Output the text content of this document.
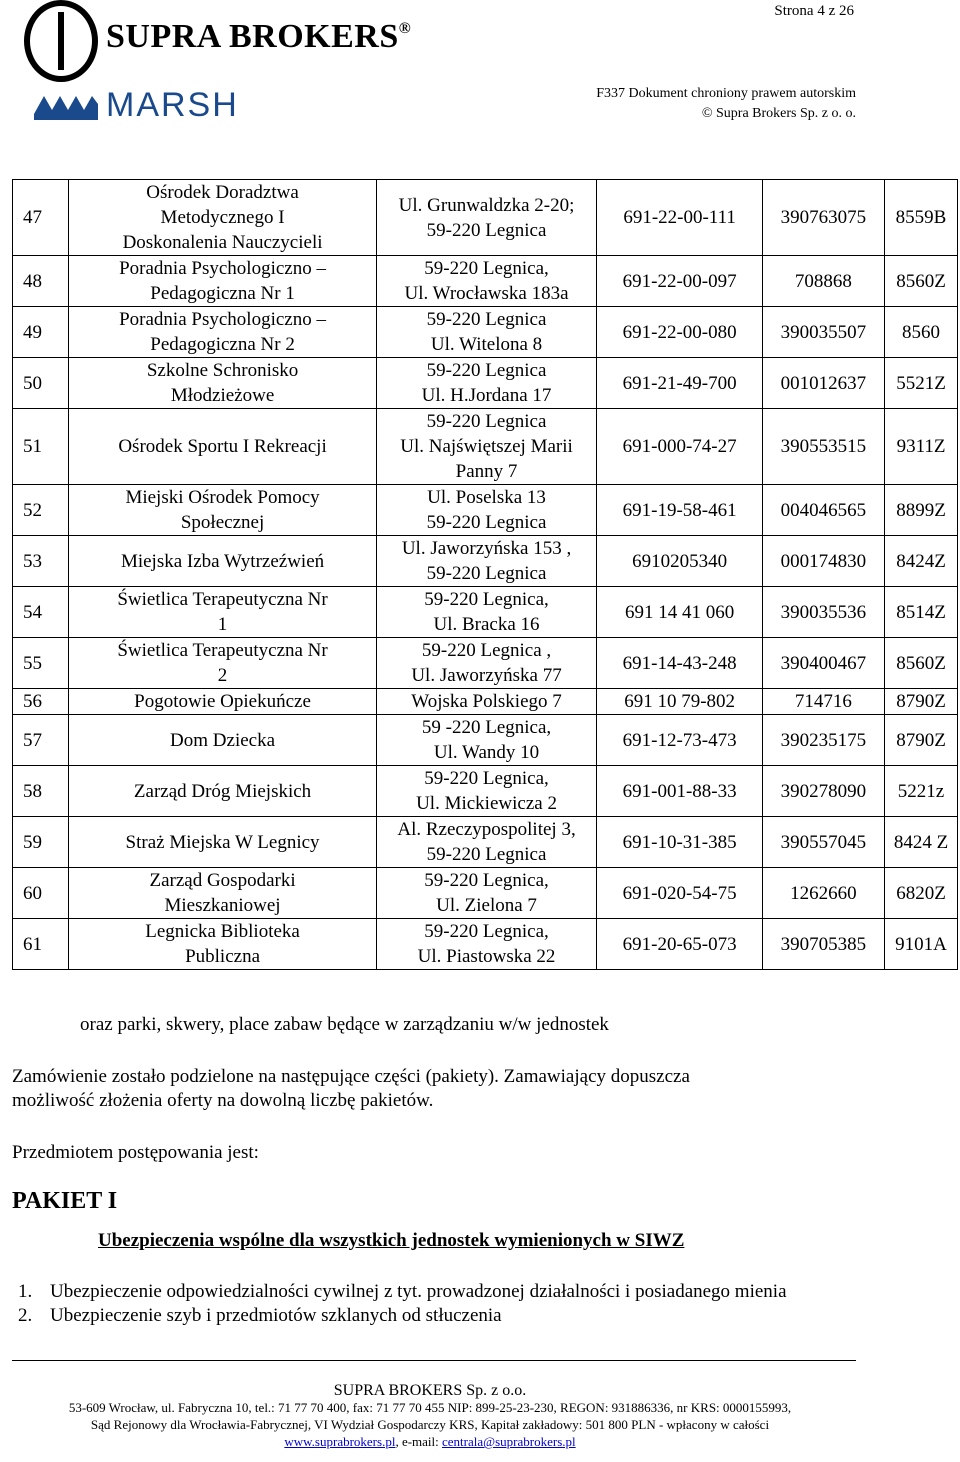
Strona 4 z 26
SUPRA BROKERS®
MARSH	F337 Dokument chroniony prawem autorskim
© Supra Brokers Sp. z o. o.
47	Ośrodek Doradztwa
Metodycznego I
Doskonalenia Nauczycieli	Ul. Grunwaldzka 2-20;
59-220 Legnica	691-22-00-111	390763075	8559B
48	Poradnia Psychologiczno –
Pedagogiczna Nr 1	59-220 Legnica,
Ul. Wrocławska 183a	691-22-00-097	708868	8560Z
49	Poradnia Psychologiczno –
Pedagogiczna Nr 2	59-220 Legnica
Ul. Witelona 8	691-22-00-080	390035507	8560
50	Szkolne Schronisko
Młodzieżowe	59-220 Legnica
Ul. H.Jordana 17	691-21-49-700	001012637	5521Z
51	Ośrodek Sportu I Rekreacji	59-220 Legnica
Ul. Najświętszej Marii
Panny 7	691-000-74-27	390553515	9311Z
52	Miejski Ośrodek Pomocy
Społecznej	Ul. Poselska 13
59-220 Legnica	691-19-58-461	004046565	8899Z
53	Miejska Izba Wytrzeźwień	Ul. Jaworzyńska 153 ,
59-220 Legnica	6910205340	000174830	8424Z
54	Świetlica Terapeutyczna Nr
1	59-220 Legnica,
Ul. Bracka 16	691 14 41 060	390035536	8514Z
55	Świetlica Terapeutyczna Nr
2	59-220 Legnica ,
Ul. Jaworzyńska 77	691-14-43-248	390400467	8560Z
56	Pogotowie Opiekuńcze	Wojska Polskiego 7	691 10 79-802	714716	8790Z
57	Dom Dziecka	59 -220 Legnica,
Ul. Wandy 10	691-12-73-473	390235175	8790Z
58	Zarząd Dróg Miejskich	59-220 Legnica,
Ul. Mickiewicza 2	691-001-88-33	390278090	5221z
59	Straż Miejska W Legnicy	Al. Rzeczypospolitej 3,
59-220 Legnica	691-10-31-385	390557045	8424 Z
60	Zarząd Gospodarki
Mieszkaniowej	59-220 Legnica,
Ul. Zielona 7	691-020-54-75	1262660	6820Z
61	Legnicka Biblioteka
Publiczna	59-220 Legnica,
Ul. Piastowska 22	691-20-65-073	390705385	9101A
oraz parki, skwery, place zabaw będące w zarządzaniu w/w jednostek
Zamówienie zostało podzielone na następujące części (pakiety). Zamawiający dopuszcza
możliwość złożenia oferty na dowolną liczbę pakietów.
Przedmiotem postępowania jest:
PAKIET I
Ubezpieczenia wspólne dla wszystkich jednostek wymienionych w SIWZ
1. Ubezpieczenie odpowiedzialności cywilnej z tyt. prowadzonej działalności i posiadanego mienia
2. Ubezpieczenie szyb i przedmiotów szklanych od stłuczenia
SUPRA BROKERS Sp. z o.o.
53-609 Wrocław, ul. Fabryczna 10, tel.: 71 77 70 400, fax: 71 77 70 455 NIP: 899-25-23-230, REGON: 931886336, nr KRS: 0000155993,
Sąd Rejonowy dla Wrocławia-Fabrycznej, VI Wydział Gospodarczy KRS, Kapitał zakładowy: 501 800 PLN - wpłacony w całości
www.suprabrokers.pl, e-mail: centrala@suprabrokers.pl
